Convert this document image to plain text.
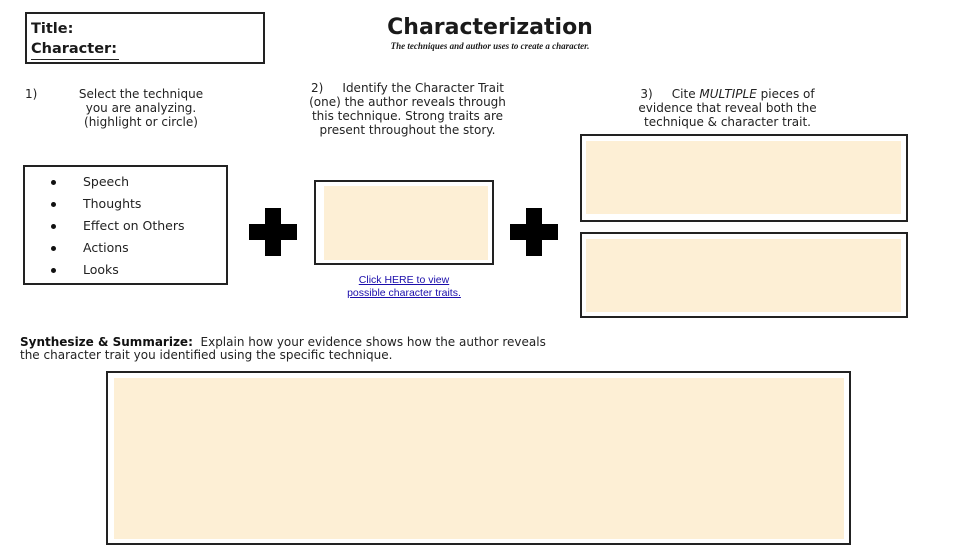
Title:
Character:
Characterization
The techniques and author uses to create a character.
1)	Select the technique
you are analyzing.
(highlight or circle)
2)     Identify the Character Trait
(one) the author reveals through
this technique. Strong traits are
present throughout the story.
3)     Cite MULTIPLE pieces of
evidence that reveal both the
technique & character trait.
Speech
Thoughts
Effect on Others
Actions
Looks
Click HERE to view
possible character traits.
Synthesize & Summarize:  Explain how your evidence shows how the author reveals
the character trait you identified using the specific technique.
